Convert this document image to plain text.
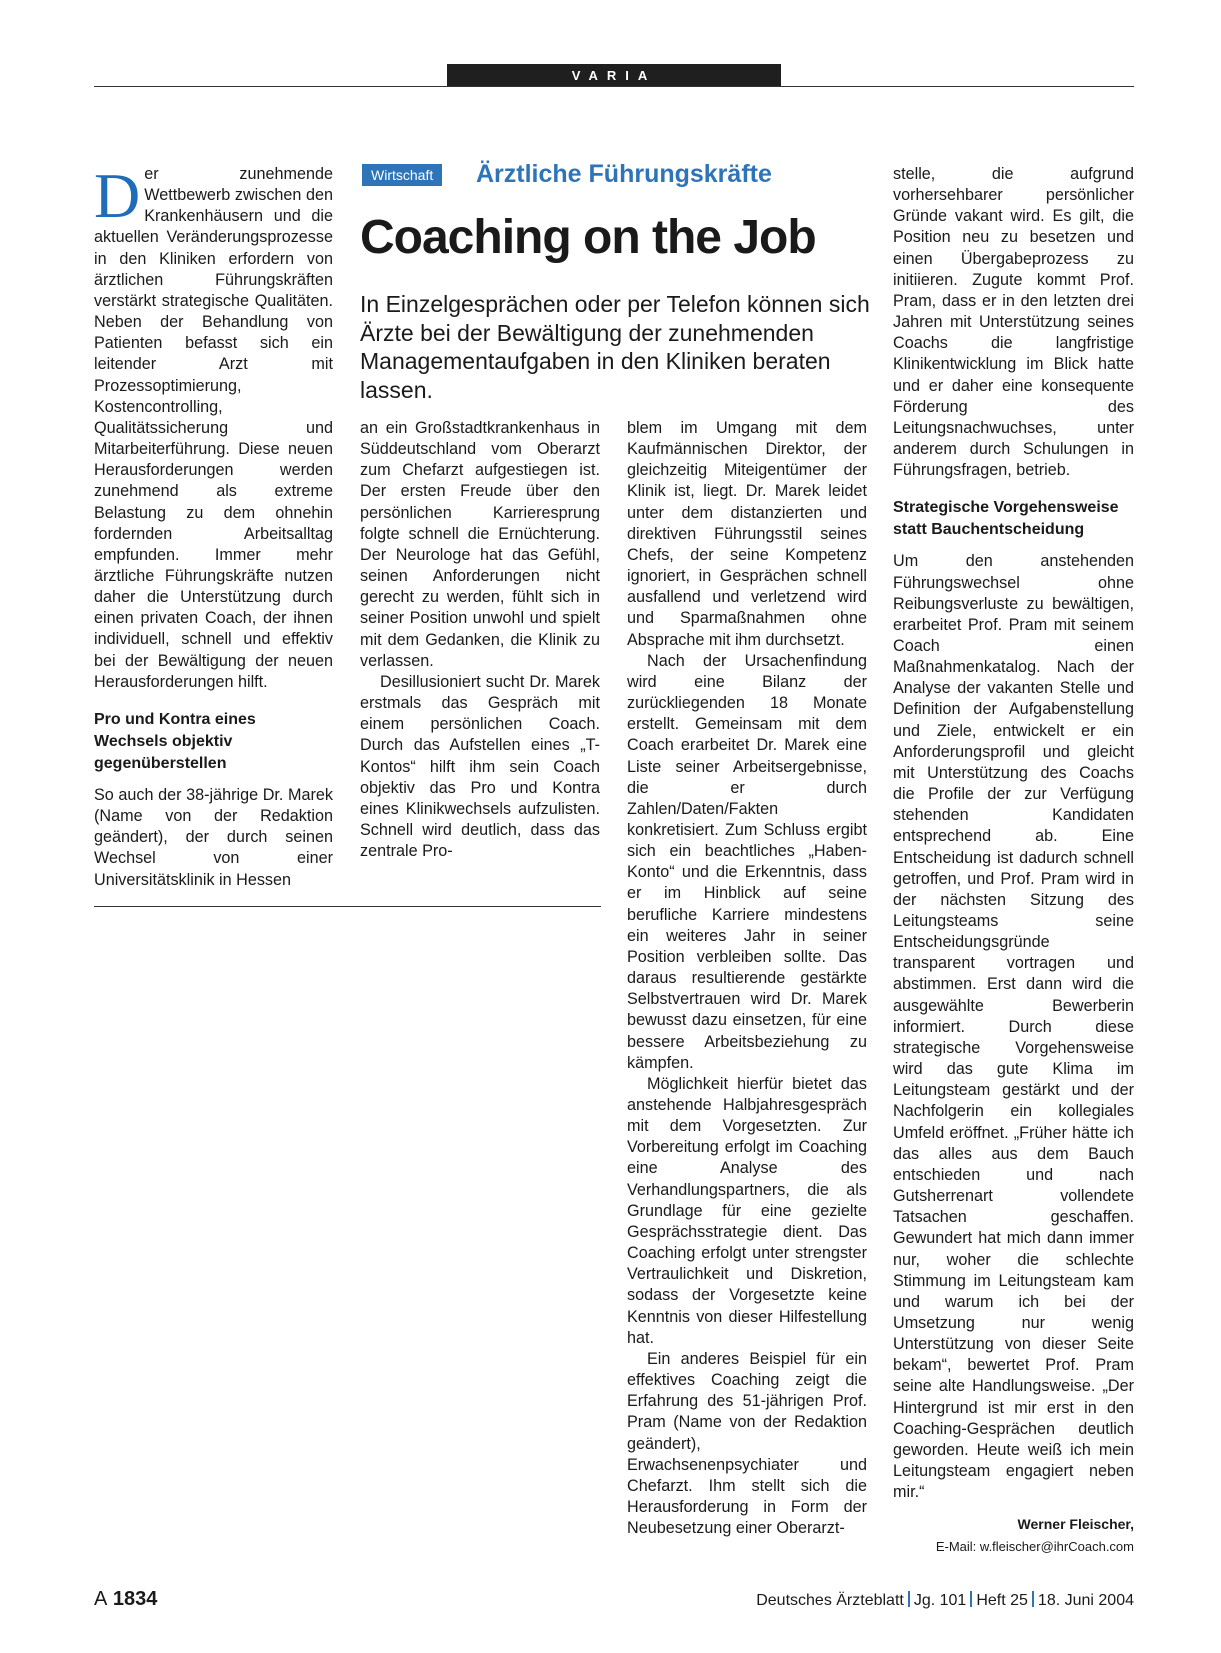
VARIA
Wirtschaft	Ärztliche Führungskräfte
Coaching on the Job
In Einzelgesprächen oder per Telefon können sich Ärzte bei der Bewältigung der zunehmenden Managementaufgaben in den Kliniken beraten lassen.

Der zunehmende Wettbewerb zwischen den Krankenhäusern und die aktuellen Veränderungsprozesse in den Kliniken erfordern von ärztlichen Führungskräften verstärkt strategische Qualitäten. Neben der Behandlung von Patienten befasst sich ein leitender Arzt mit Prozessoptimierung, Kostencontrolling, Qualitätssicherung und Mitarbeiterführung. Diese neuen Herausforderungen werden zunehmend als extreme Belastung zu dem ohnehin fordernden Arbeitsalltag empfunden. Immer mehr ärztliche Führungskräfte nutzen daher die Unterstützung durch einen privaten Coach, der ihnen individuell, schnell und effektiv bei der Bewältigung der neuen Herausforderungen hilft.

Pro und Kontra eines Wechsels objektiv gegenüberstellen

So auch der 38-jährige Dr. Marek (Name von der Redaktion geändert), der durch seinen Wechsel von einer Universitätsklinik in Hessen

an ein Großstadtkrankenhaus in Süddeutschland vom Oberarzt zum Chefarzt aufgestiegen ist. Der ersten Freude über den persönlichen Karrieresprung folgte schnell die Ernüchterung. Der Neurologe hat das Gefühl, seinen Anforderungen nicht gerecht zu werden, fühlt sich in seiner Position unwohl und spielt mit dem Gedanken, die Klinik zu verlassen.

Desillusioniert sucht Dr. Marek erstmals das Gespräch mit einem persönlichen Coach. Durch das Aufstellen eines „T-Kontos“ hilft ihm sein Coach objektiv das Pro und Kontra eines Klinikwechsels aufzulisten. Schnell wird deutlich, dass das zentrale Pro-

blem im Umgang mit dem Kaufmännischen Direktor, der gleichzeitig Miteigentümer der Klinik ist, liegt. Dr. Marek leidet unter dem distanzierten und direktiven Führungsstil seines Chefs, der seine Kompetenz ignoriert, in Gesprächen schnell ausfallend und verletzend wird und Sparmaßnahmen ohne Absprache mit ihm durchsetzt.

Nach der Ursachenfindung wird eine Bilanz der zurückliegenden 18 Monate erstellt. Gemeinsam mit dem Coach erarbeitet Dr. Marek eine Liste seiner Arbeitsergebnisse, die er durch Zahlen/Daten/Fakten konkretisiert. Zum Schluss ergibt sich ein beachtliches „Haben-Konto“ und die Erkenntnis, dass er im Hinblick auf seine berufliche Karriere mindestens ein weiteres Jahr in seiner Position verbleiben sollte. Das daraus resultierende gestärkte Selbstvertrauen wird Dr. Marek bewusst dazu einsetzen, für eine bessere Arbeitsbeziehung zu kämpfen.

Möglichkeit hierfür bietet das anstehende Halbjahresgespräch mit dem Vorgesetzten. Zur Vorbereitung erfolgt im Coaching eine Analyse des Verhandlungspartners, die als Grundlage für eine gezielte Gesprächsstrategie dient. Das Coaching erfolgt unter strengster Vertraulichkeit und Diskretion, sodass der Vorgesetzte keine Kenntnis von dieser Hilfestellung hat.

Ein anderes Beispiel für ein effektives Coaching zeigt die Erfahrung des 51-jährigen Prof. Pram (Name von der Redaktion geändert), Erwachsenenpsychiater und Chefarzt. Ihm stellt sich die Herausforderung in Form der Neubesetzung einer Oberarzt-

stelle, die aufgrund vorhersehbarer persönlicher Gründe vakant wird. Es gilt, die Position neu zu besetzen und einen Übergabeprozess zu initiieren. Zugute kommt Prof. Pram, dass er in den letzten drei Jahren mit Unterstützung seines Coachs die langfristige Klinikentwicklung im Blick hatte und er daher eine konsequente Förderung des Leitungsnachwuchses, unter anderem durch Schulungen in Führungsfragen, betrieb.

Strategische Vorgehensweise statt Bauchentscheidung

Um den anstehenden Führungswechsel ohne Reibungsverluste zu bewältigen, erarbeitet Prof. Pram mit seinem Coach einen Maßnahmenkatalog. Nach der Analyse der vakanten Stelle und Definition der Aufgabenstellung und Ziele, entwickelt er ein Anforderungsprofil und gleicht mit Unterstützung des Coachs die Profile der zur Verfügung stehenden Kandidaten entsprechend ab. Eine Entscheidung ist dadurch schnell getroffen, und Prof. Pram wird in der nächsten Sitzung des Leitungsteams seine Entscheidungsgründe transparent vortragen und abstimmen. Erst dann wird die ausgewählte Bewerberin informiert. Durch diese strategische Vorgehensweise wird das gute Klima im Leitungsteam gestärkt und der Nachfolgerin ein kollegiales Umfeld eröffnet. „Früher hätte ich das alles aus dem Bauch entschieden und nach Gutsherrenart vollendete Tatsachen geschaffen. Gewundert hat mich dann immer nur, woher die schlechte Stimmung im Leitungsteam kam und warum ich bei der Umsetzung nur wenig Unterstützung von dieser Seite bekam“, bewertet Prof. Pram seine alte Handlungsweise. „Der Hintergrund ist mir erst in den Coaching-Gesprächen deutlich geworden. Heute weiß ich mein Leitungsteam engagiert neben mir.“

Werner Fleischer,
E-Mail: w.fleischer@ihrCoach.com
A 1834	Deutsches Ärzteblatt Jg. 101 Heft 25 18. Juni 2004
